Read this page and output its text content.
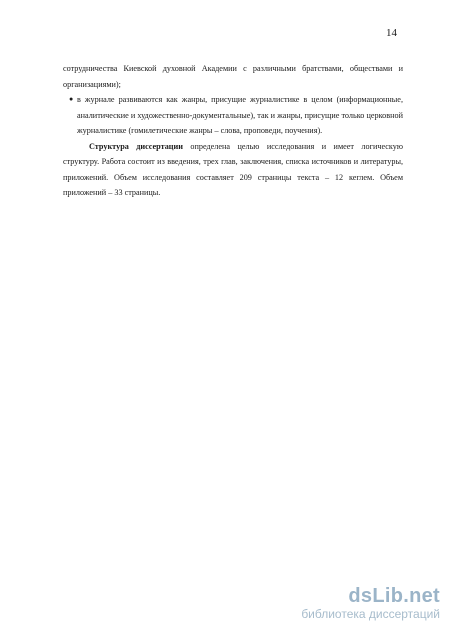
14

сотрудничества Киевской духовной Академии с различными братствами, обществами и организациями);

● в журнале развиваются как жанры, присущие журналистике в целом (информационные, аналитические и художественно-документальные), так и жанры, присущие только церковной журналистике (гомилетические жанры – слова, проповеди, поучения).

Структура диссертации определена целью исследования и имеет логическую структуру. Работа состоит из введения, трех глав, заключения, списка источников и литературы, приложений. Объем исследования составляет 209 страницы текста – 12 кеглем. Объем приложений – 33 страницы.

dsLib.net
библиотека диссертаций
